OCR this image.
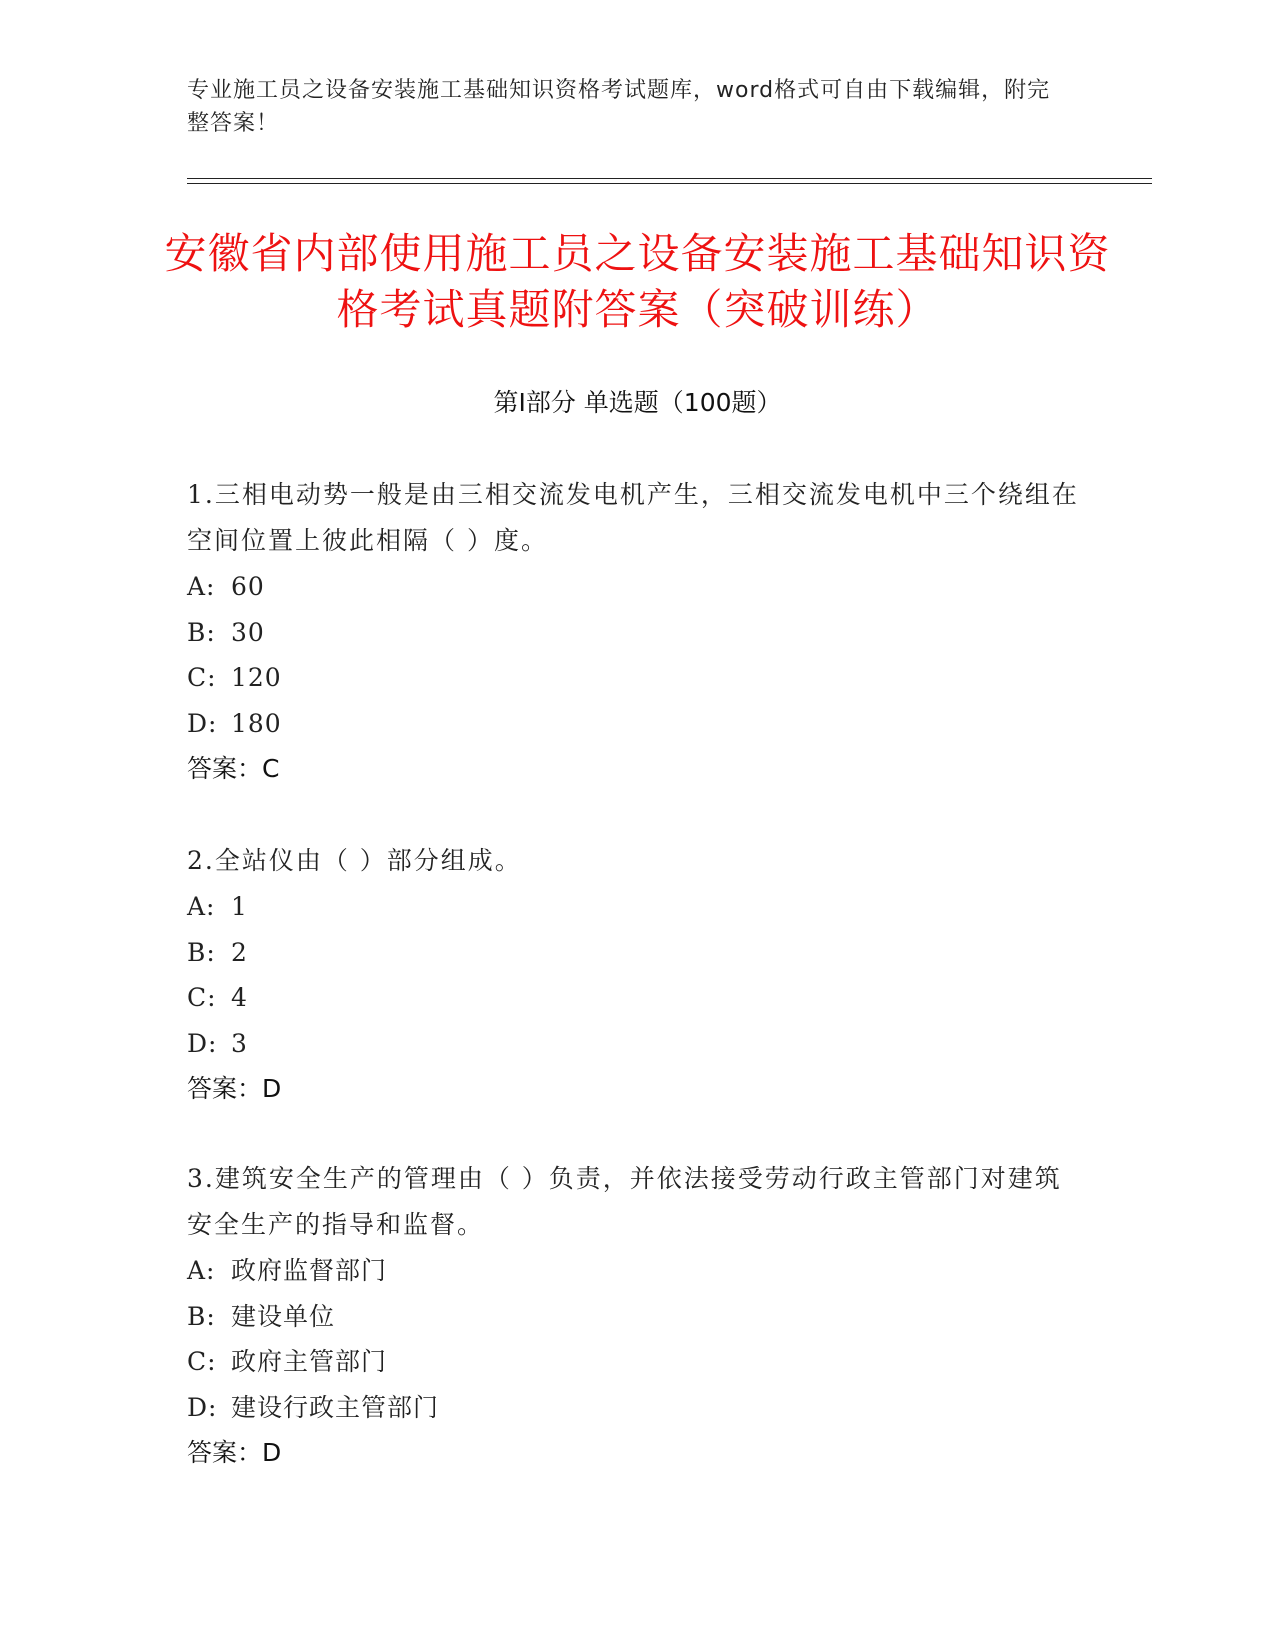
专业施工员之设备安装施工基础知识资格考试题库，word格式可自由下载编辑，附完整答案！
安徽省内部使用施工员之设备安装施工基础知识资格考试真题附答案（突破训练）
第I部分 单选题（100题）
1.三相电动势一般是由三相交流发电机产生，三相交流发电机中三个绕组在空间位置上彼此相隔（ ）度。
A: 60
B: 30
C: 120
D: 180
答案：C
2.全站仪由（ ）部分组成。
A: 1
B: 2
C: 4
D: 3
答案：D
3.建筑安全生产的管理由（ ）负责，并依法接受劳动行政主管部门对建筑安全生产的指导和监督。
A: 政府监督部门
B: 建设单位
C: 政府主管部门
D: 建设行政主管部门
答案：D
